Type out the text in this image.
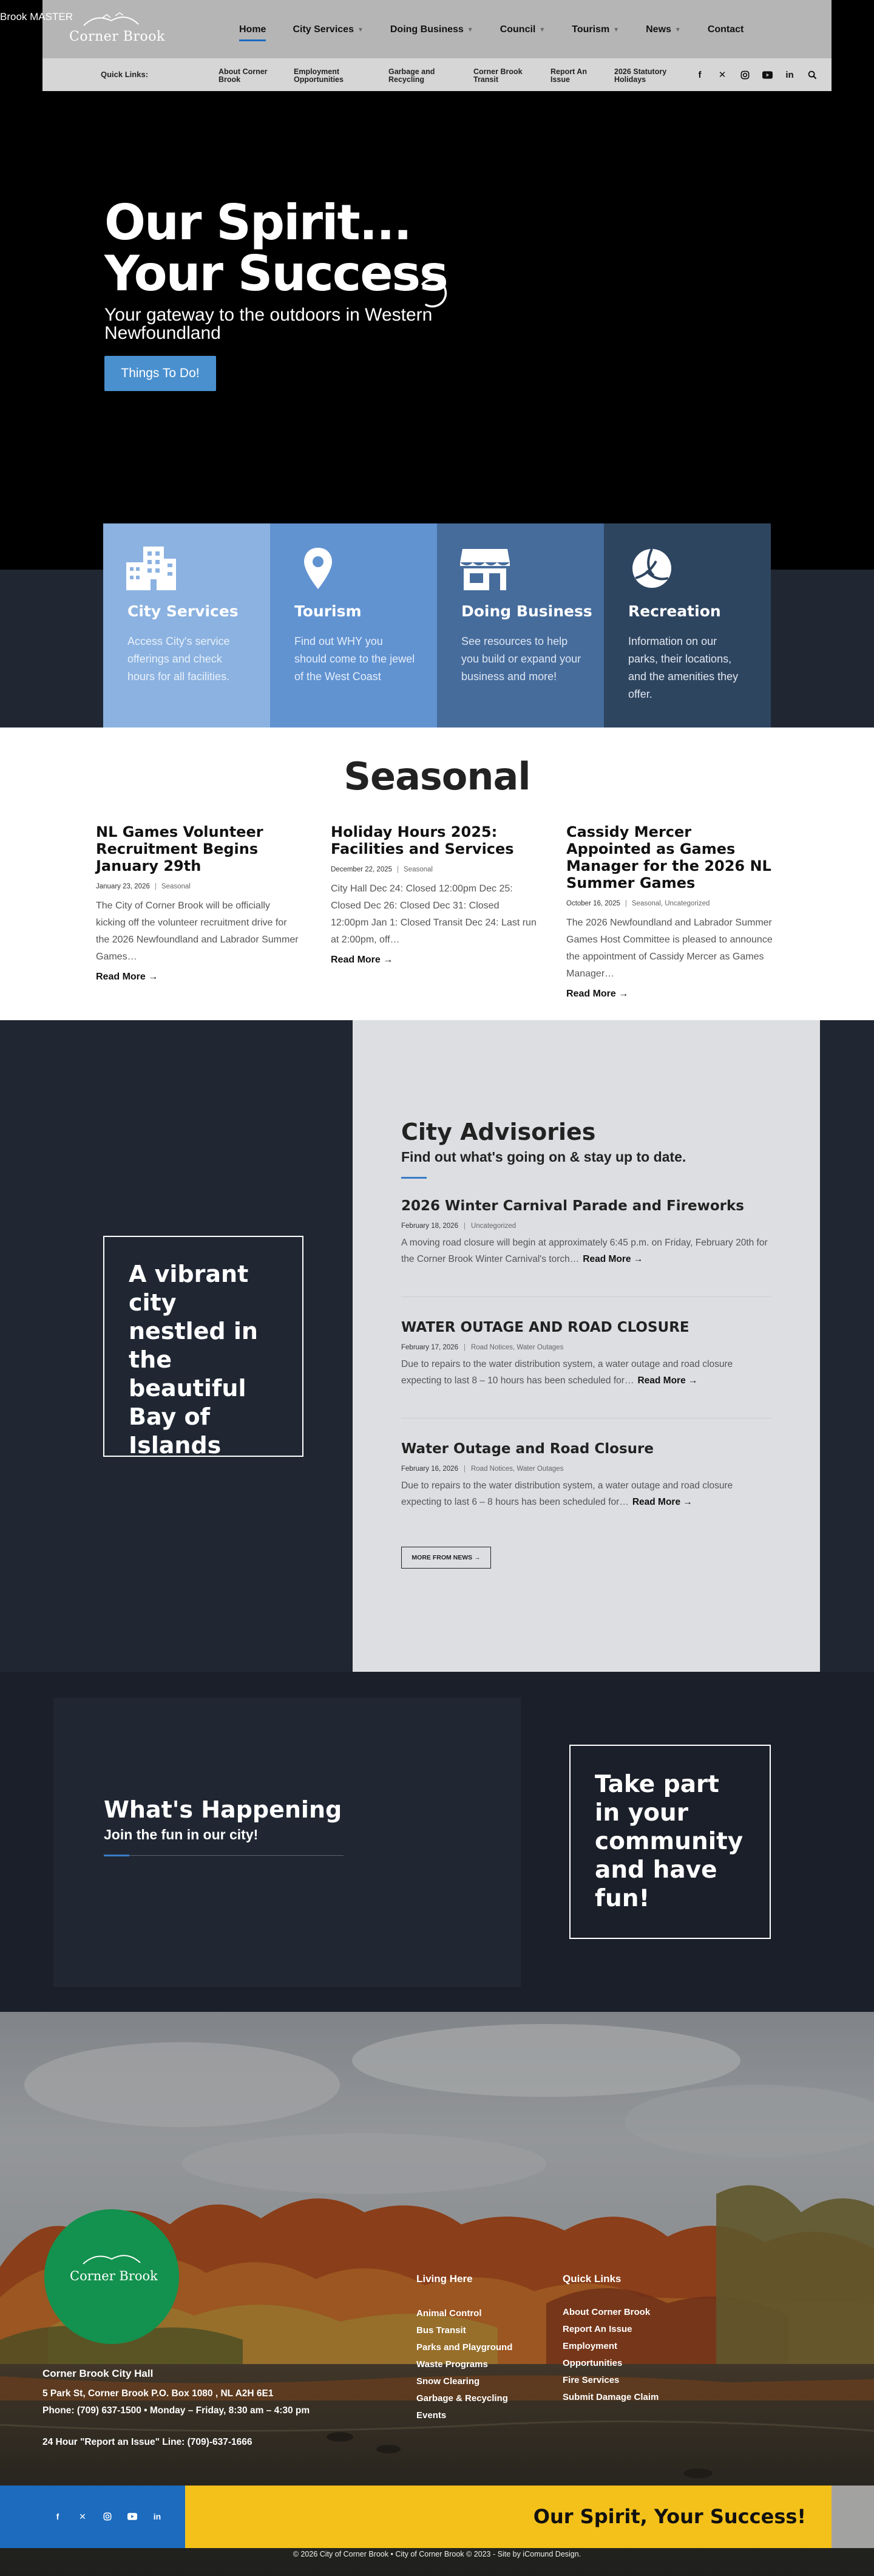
Brook MASTER
Corner Brook	Home	City Services ▼	Doing Business ▼	Council ▼	Tourism ▼	News ▼	Contact
Quick Links:	About Corner Brook
Employment Opportunities
Garbage and Recycling
Corner Brook Transit
Report An Issue
2026 Statutory Holidays	f	✕	in
Our Spirit...
Your Success
Your gateway to the outdoors in Western Newfoundland
Things To Do!
City Services

Access City's service offerings and check hours for all facilities.

Tourism

Find out WHY you should come to the jewel of the West Coast

Doing Business

See resources to help you build or expand your business and more!

Recreation

Information on our parks, their locations, and the amenities they offer.

Seasonal
NL Games Volunteer Recruitment Begins January 29th
January 23, 2026 | Seasonal

The City of Corner Brook will be officially kicking off the volunteer recruitment drive for the 2026 Newfoundland and Labrador Summer Games…

Read More →
Holiday Hours 2025: Facilities and Services
December 22, 2025 | Seasonal

City Hall Dec 24: Closed 12:00pm Dec 25: Closed Dec 26: Closed Dec 31: Closed 12:00pm Jan 1: Closed Transit Dec 24: Last run at 2:00pm, off…

Read More →
Cassidy Mercer Appointed as Games Manager for the 2026 NL Summer Games
October 16, 2025 | Seasonal, Uncategorized

The 2026 Newfoundland and Labrador Summer Games Host Committee is pleased to announce the appointment of Cassidy Mercer as Games Manager…

Read More →
A vibrant city nestled in the beautiful Bay of Islands
City Advisories
Find out what's going on & stay up to date.
2026 Winter Carnival Parade and Fireworks
February 18, 2026 | Uncategorized

A moving road closure will begin at approximately 6:45 p.m. on Friday, February 20th for the Corner Brook Winter Carnival's torch… Read More →

WATER OUTAGE AND ROAD CLOSURE
February 17, 2026 | Road Notices, Water Outages

Due to repairs to the water distribution system, a water outage and road closure expecting to last 8 – 10 hours has been scheduled for… Read More →

Water Outage and Road Closure
February 16, 2026 | Road Notices, Water Outages

Due to repairs to the water distribution system, a water outage and road closure expecting to last 6 – 8 hours has been scheduled for… Read More →

MORE FROM NEWS →
What's Happening
Join the fun in our city!
Take part in your community and have fun!
Corner Brook
Corner Brook City Hall
5 Park St, Corner Brook P.O. Box 1080 , NL A2H 6E1
Phone: (709) 637-1500 • Monday – Friday, 8:30 am – 4:30 pm
24 Hour "Report an Issue" Line: (709)-637-1666
Living Here
Animal Control
Bus Transit
Parks and Playground
Waste Programs
Snow Clearing
Garbage & Recycling
Events
Quick Links
About Corner Brook
Report An Issue
Employment Opportunities
Fire Services
Submit Damage Claim
f	✕	in	Our Spirit, Your Success!
© 2026 City of Corner Brook • City of Corner Brook © 2023 - Site by iComund Design.
